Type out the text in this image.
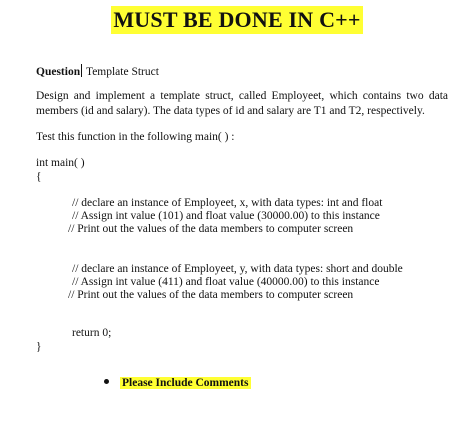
MUST BE DONE IN C++
Question Template Struct
Design and implement a template struct, called Employeet, which contains two data members (id and salary). The data types of id and salary are T1 and T2, respectively.
Test this function in the following main( ) :
int main( )
{
// declare an instance of Employeet, x, with data types: int and float
// Assign int value (101) and float value (30000.00) to this instance
// Print out the values of the data members to computer screen
// declare an instance of Employeet, y, with data types: short and double
// Assign int value (411) and float value (40000.00) to this instance
// Print out the values of the data members to computer screen
return 0;
}
Please Include Comments
